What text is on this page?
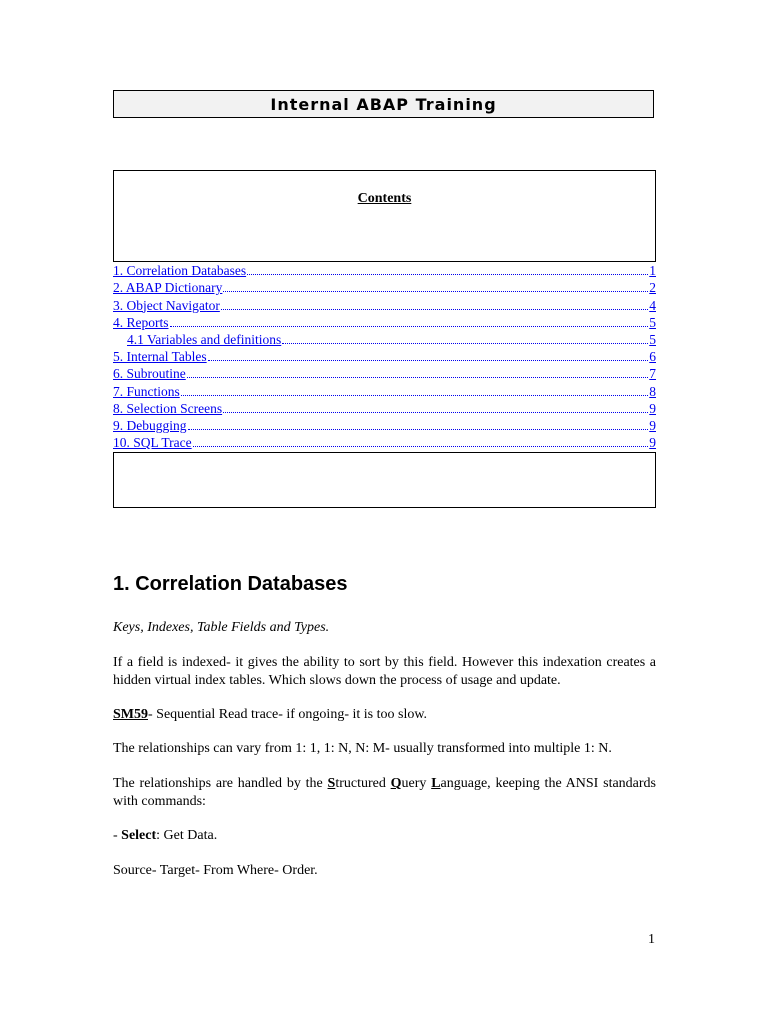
Internal ABAP Training
Contents
1. Correlation Databases	1
2. ABAP Dictionary	2
3. Object Navigator	4
4. Reports	5
4.1 Variables and definitions	5
5. Internal Tables	6
6. Subroutine	7
7. Functions	8
8. Selection Screens	9
9. Debugging	9
10. SQL Trace	9
1. Correlation Databases

Keys, Indexes, Table Fields and Types.

If a field is indexed- it gives the ability to sort by this field. However this indexation creates a hidden virtual index tables. Which slows down the process of usage and update.

SM59- Sequential Read trace- if ongoing- it is too slow.

The relationships can vary from 1: 1, 1: N, N: M- usually transformed into multiple 1: N.

The relationships are handled by the Structured Query Language, keeping the ANSI standards with commands:

- Select: Get Data.

Source- Target- From Where- Order.

1
